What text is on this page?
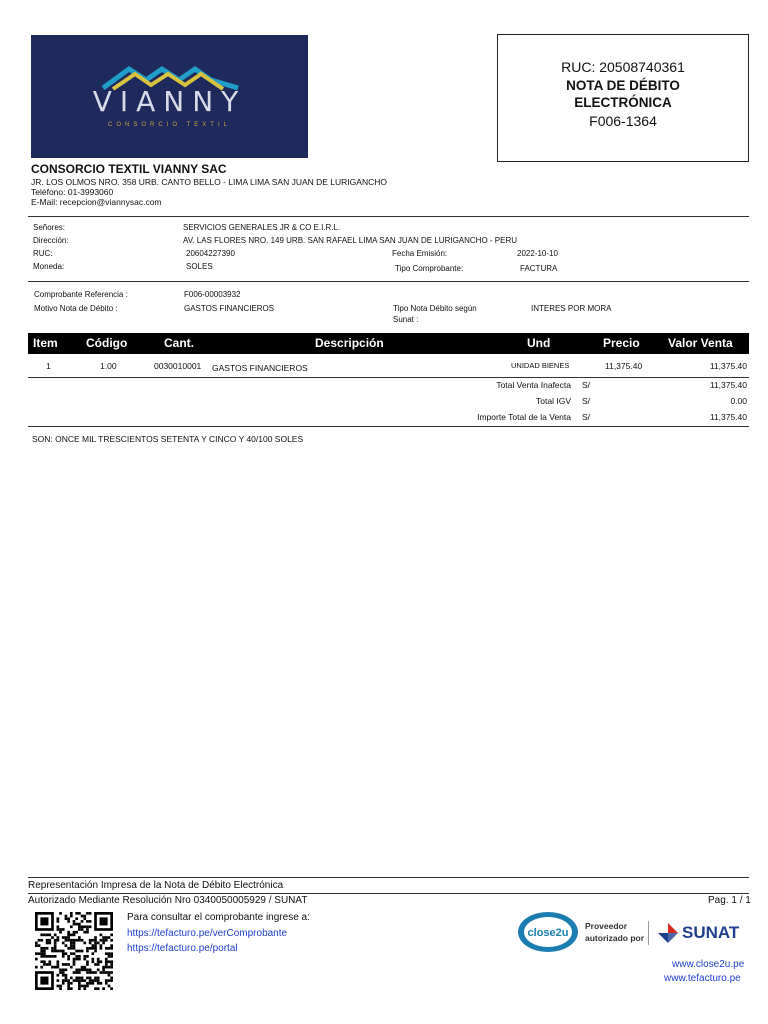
VIANNY
CONSORCIO TEXTIL
RUC: 20508740361
NOTA DE DÉBITO ELECTRÓNICA
F006-1364
CONSORCIO TEXTIL VIANNY SAC
JR. LOS OLMOS NRO. 358 URB. CANTO BELLO - LIMA LIMA SAN JUAN DE LURIGANCHO
Teléfono: 01-3993060
E-Mail: recepcion@viannysac.com
Señores:	SERVICIOS GENERALES JR & CO E.I.R.L.
Dirección:	AV. LAS FLORES NRO. 149 URB. SAN RAFAEL LIMA SAN JUAN DE LURIGANCHO - PERU
RUC:	20604227390	Fecha Emisión:	2022-10-10
Moneda:	SOLES	Tipo Comprobante:	FACTURA
Comprobante Referencia :	F006-00003932
Motivo Nota de Débito :	GASTOS FINANCIEROS	Tipo Nota Débito según
Sunat :
INTERES POR MORA
Item Código	Cant.	Descripción	Und	Precio Valor Venta
1	1.00	0030010001 GASTOS FINANCIEROS	UNIDAD BIENES	11,375.40	11,375.40
Total Venta Inafecta S/	11,375.40
Total IGV S/	0.00
Importe Total de la Venta S/	11,375.40
SON: ONCE MIL TRESCIENTOS SETENTA Y CINCO Y 40/100 SOLES
Representación Impresa de la Nota de Débito Electrónica
Autorizado Mediante Resolución Nro 0340050005929 / SUNAT	Pag. 1 / 1
Para consultar el comprobante ingrese a:
https://tefacturo.pe/verComprobante
https://tefacturo.pe/portal
close2u
Proveedor
autorizado por SUNAT
www.close2u.pe
www.tefacturo.pe
